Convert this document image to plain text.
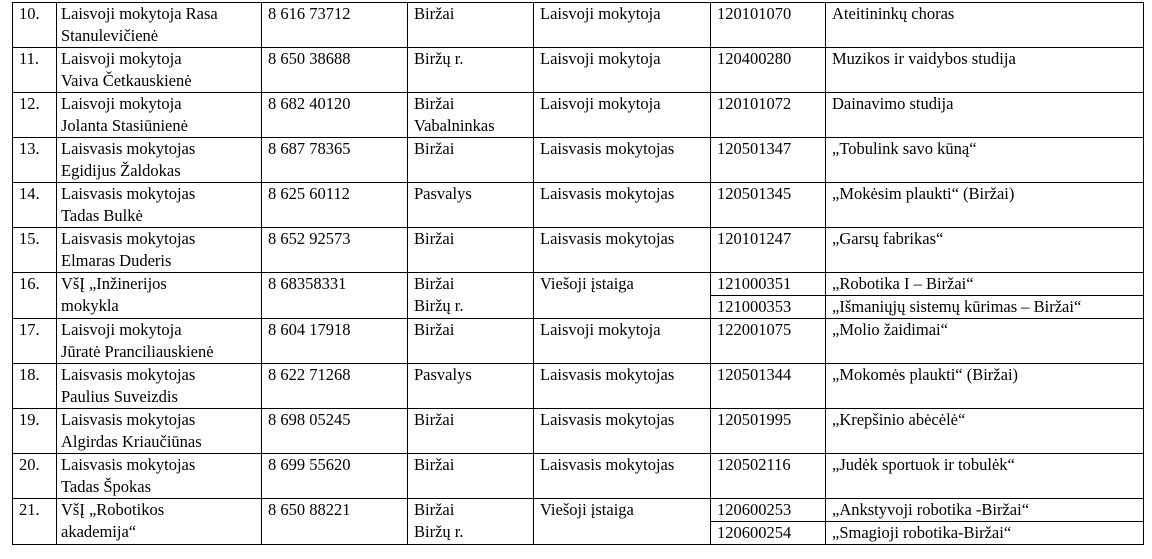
10.	Laisvoji mokytoja Rasa
Stanulevičienė	8 616 73712	Biržai	Laisvoji mokytoja	120101070	Ateitininkų choras
11.	Laisvoji mokytoja
Vaiva Četkauskienė	8 650 38688	Biržų r.	Laisvoji mokytoja	120400280	Muzikos ir vaidybos studija
12.	Laisvoji mokytoja
Jolanta Stasiūnienė	8 682 40120	Biržai
Vabalninkas	Laisvoji mokytoja	120101072	Dainavimo studija
13.	Laisvasis mokytojas
Egidijus Žaldokas	8 687 78365	Biržai	Laisvasis mokytojas	120501347	„Tobulink savo kūną“
14.	Laisvasis mokytojas
Tadas Bulkė	8 625 60112	Pasvalys	Laisvasis mokytojas	120501345	„Mokėsim plaukti“ (Biržai)
15.	Laisvasis mokytojas
Elmaras Duderis	8 652 92573	Biržai	Laisvasis mokytojas	120101247	„Garsų fabrikas“
16.	VšĮ „Inžinerijos
mokykla	8 68358331	Biržai
Biržų r.	Viešoji įstaiga	121000351	„Robotika I – Biržai“
					121000353	„Išmaniųjų sistemų kūrimas – Biržai“
17.	Laisvoji mokytoja
Jūratė Pranciliauskienė	8 604 17918	Biržai	Laisvoji mokytoja	122001075	„Molio žaidimai“
18.	Laisvasis mokytojas
Paulius Suveizdis	8 622 71268	Pasvalys	Laisvasis mokytojas	120501344	„Mokomės plaukti“ (Biržai)
19.	Laisvasis mokytojas
Algirdas Kriaučiūnas	8 698 05245	Biržai	Laisvasis mokytojas	120501995	„Krepšinio abėcėlė“
20.	Laisvasis mokytojas
Tadas Špokas	8 699 55620	Biržai	Laisvasis mokytojas	120502116	„Judėk sportuok ir tobulėk“
21.	VšĮ „Robotikos
akademija“	8 650 88221	Biržai
Biržų r.	Viešoji įstaiga	120600253	„Ankstyvoji robotika -Biržai“
					120600254	„Smagioji robotika-Biržai“
